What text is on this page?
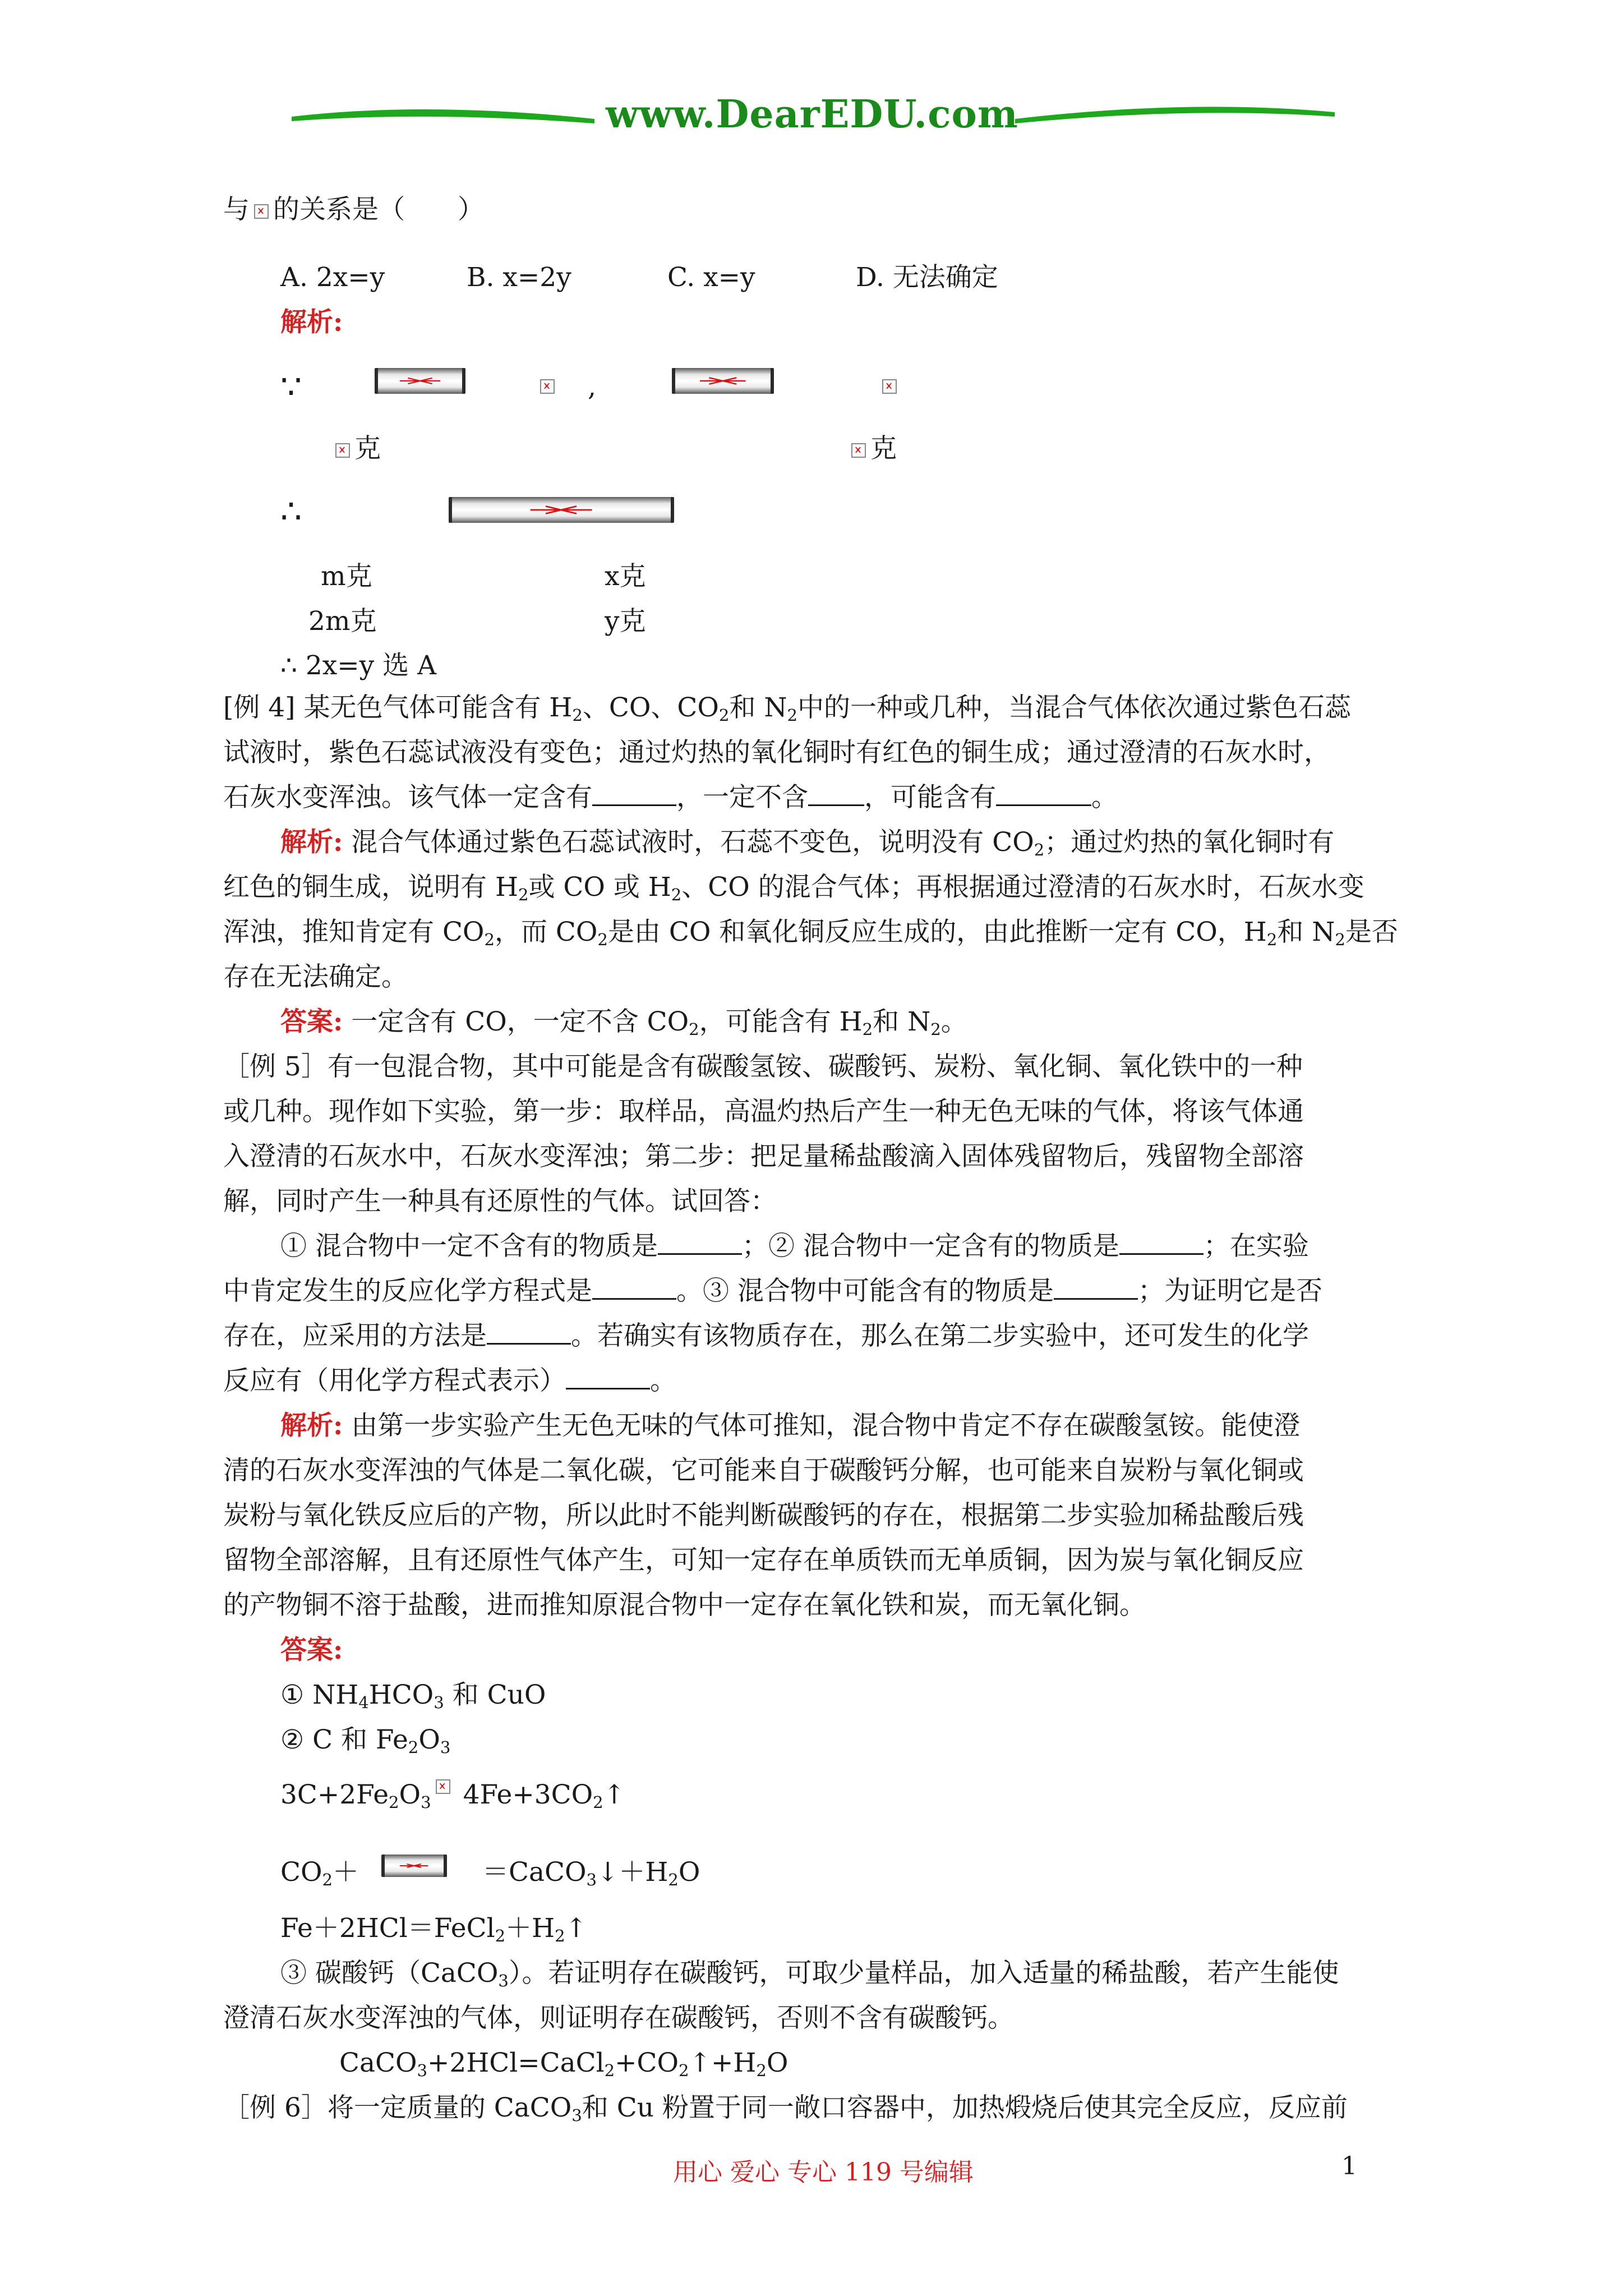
www.DearEDU.com
与 的关系是（　　）
A. 2x=y	B. x=2y	C. x=y	D. 无法确定
解析:
∵
	,
克	克
∴
m克	x克
2m克	y克
∴ 2x=y 选 A
[例 4] 某无色气体可能含有 $H_2$、CO、$CO_2$和 $N_2$中的一种或几种，当混合气体依次通过紫色石蕊
试液时，紫色石蕊试液没有变色；通过灼热的氧化铜时有红色的铜生成；通过澄清的石灰水时，
石灰水变浑浊。该气体一定含有	，一定不含 ，可能含有	。
解析: 混合气体通过紫色石蕊试液时，石蕊不变色，说明没有 $CO_2$；通过灼热的氧化铜时有
红色的铜生成，说明有 $H_2$或 CO 或 $H_2$、CO 的混合气体；再根据通过澄清的石灰水时，石灰水变
浑浊，推知肯定有 $CO_2$，而 $CO_2$是由 CO 和氧化铜反应生成的，由此推断一定有 CO，$H_2$和 $N_2$是否
存在无法确定。
答案: 一定含有 CO，一定不含 $CO_2$，可能含有 $H_2$和 $N_2$。
［例 5］有一包混合物，其中可能是含有碳酸氢铵、碳酸钙、炭粉、氧化铜、氧化铁中的一种
或几种。现作如下实验，第一步：取样品，高温灼热后产生一种无色无味的气体，将该气体通
入澄清的石灰水中，石灰水变浑浊；第二步：把足量稀盐酸滴入固体残留物后，残留物全部溶
解，同时产生一种具有还原性的气体。试回答：
① 混合物中一定不含有的物质是	；② 混合物中一定含有的物质是	；在实验
中肯定发生的反应化学方程式是	。③ 混合物中可能含有的物质是	；为证明它是否
存在，应采用的方法是	。若确实有该物质存在，那么在第二步实验中，还可发生的化学
反应有（用化学方程式表示）	。
解析: 由第一步实验产生无色无味的气体可推知，混合物中肯定不存在碳酸氢铵。能使澄
清的石灰水变浑浊的气体是二氧化碳，它可能来自于碳酸钙分解，也可能来自炭粉与氧化铜或
炭粉与氧化铁反应后的产物，所以此时不能判断碳酸钙的存在，根据第二步实验加稀盐酸后残
留物全部溶解，且有还原性气体产生，可知一定存在单质铁而无单质铜，因为炭与氧化铜反应
的产物铜不溶于盐酸，进而推知原混合物中一定存在氧化铁和炭，而无氧化铜。
答案:
① $NH_4HCO_3$ 和 CuO
② C 和 $Fe_2O_3$
$3C+2Fe_2O_3$ $4Fe+3CO_2↑$
$CO_2+$	$=CaCO_3↓+H_2O$
$Fe+2HCl=FeCl_2+H_2↑$
③ 碳酸钙（CaCO$_3$）。若证明存在碳酸钙，可取少量样品，加入适量的稀盐酸，若产生能使
澄清石灰水变浑浊的气体，则证明存在碳酸钙，否则不含有碳酸钙。
$CaCO_3+2HCl=CaCl_2+CO_2↑+H_2O$
［例 6］将一定质量的 CaCO$_3$和 Cu 粉置于同一敞口容器中，加热煅烧后使其完全反应，反应前
用心 爱心 专心 119 号编辑	1
